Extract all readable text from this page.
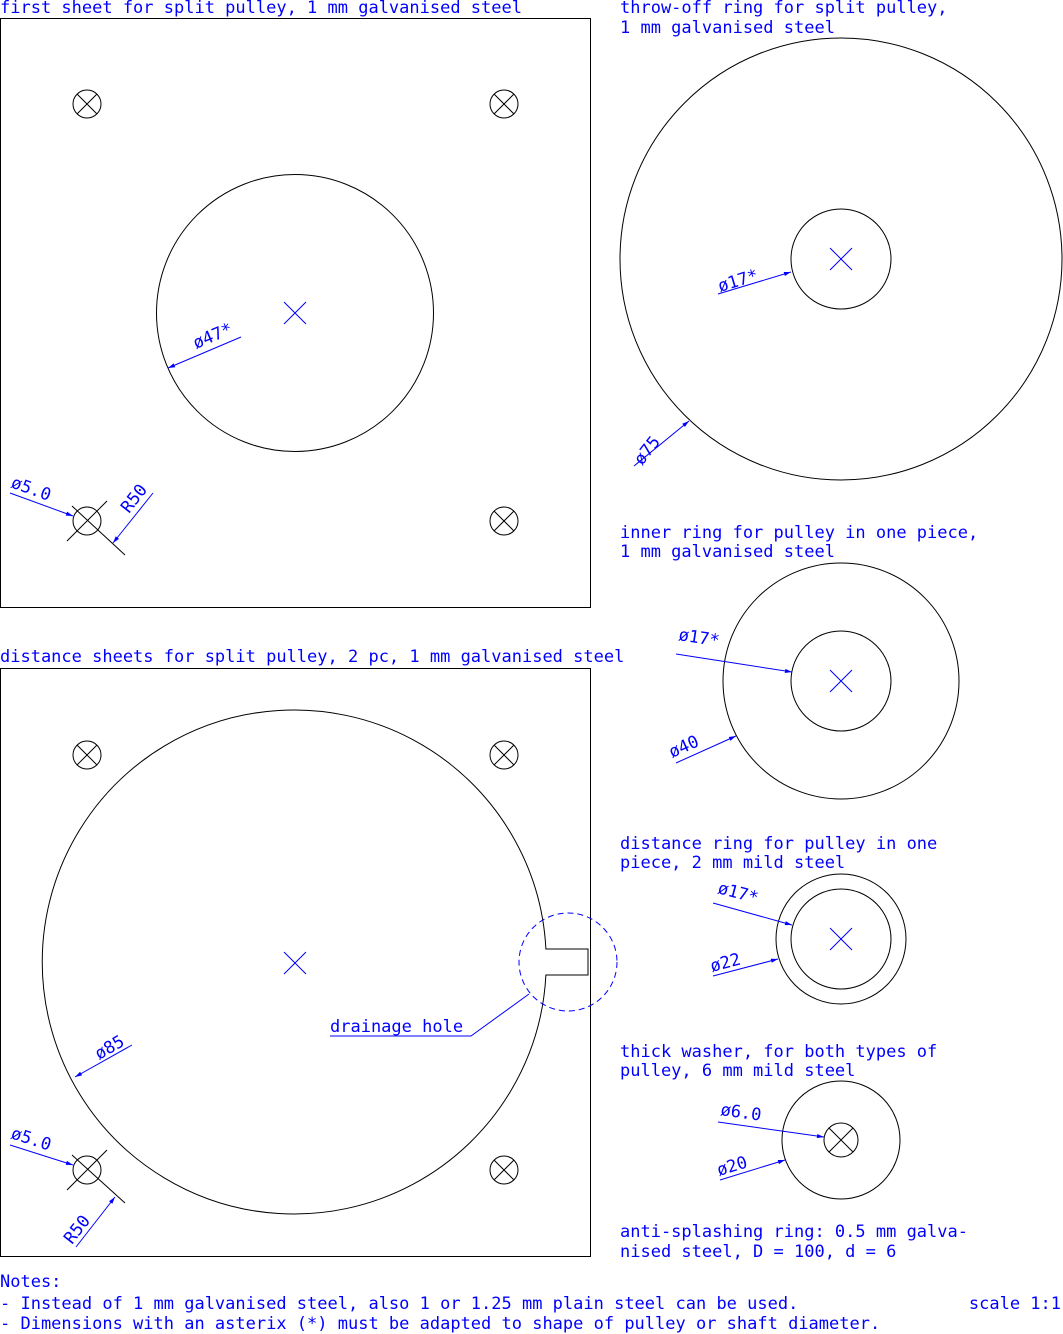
first sheet for split pulley, 1 mm galvanised steel
ø47*
ø5.0	R50
distance sheets for split pulley, 2 pc, 1 mm galvanised steel
ø85
ø5.0
R50
drainage hole
throw-off ring for split pulley,
1 mm galvanised steel
ø17*
ø75
inner ring for pulley in one piece,
1 mm galvanised steel
ø17*
ø40
distance ring for pulley in one
piece, 2 mm mild steel
ø17*
ø22
thick washer, for both types of
pulley, 6 mm mild steel
ø6.0
ø20
anti-splashing ring: 0.5 mm galva-
nised steel, D = 100, d = 6
Notes:
- Instead of 1 mm galvanised steel, also 1 or 1.25 mm plain steel can be used.
- Dimensions with an asterix (*) must be adapted to shape of pulley or shaft diameter.
scale 1:1
